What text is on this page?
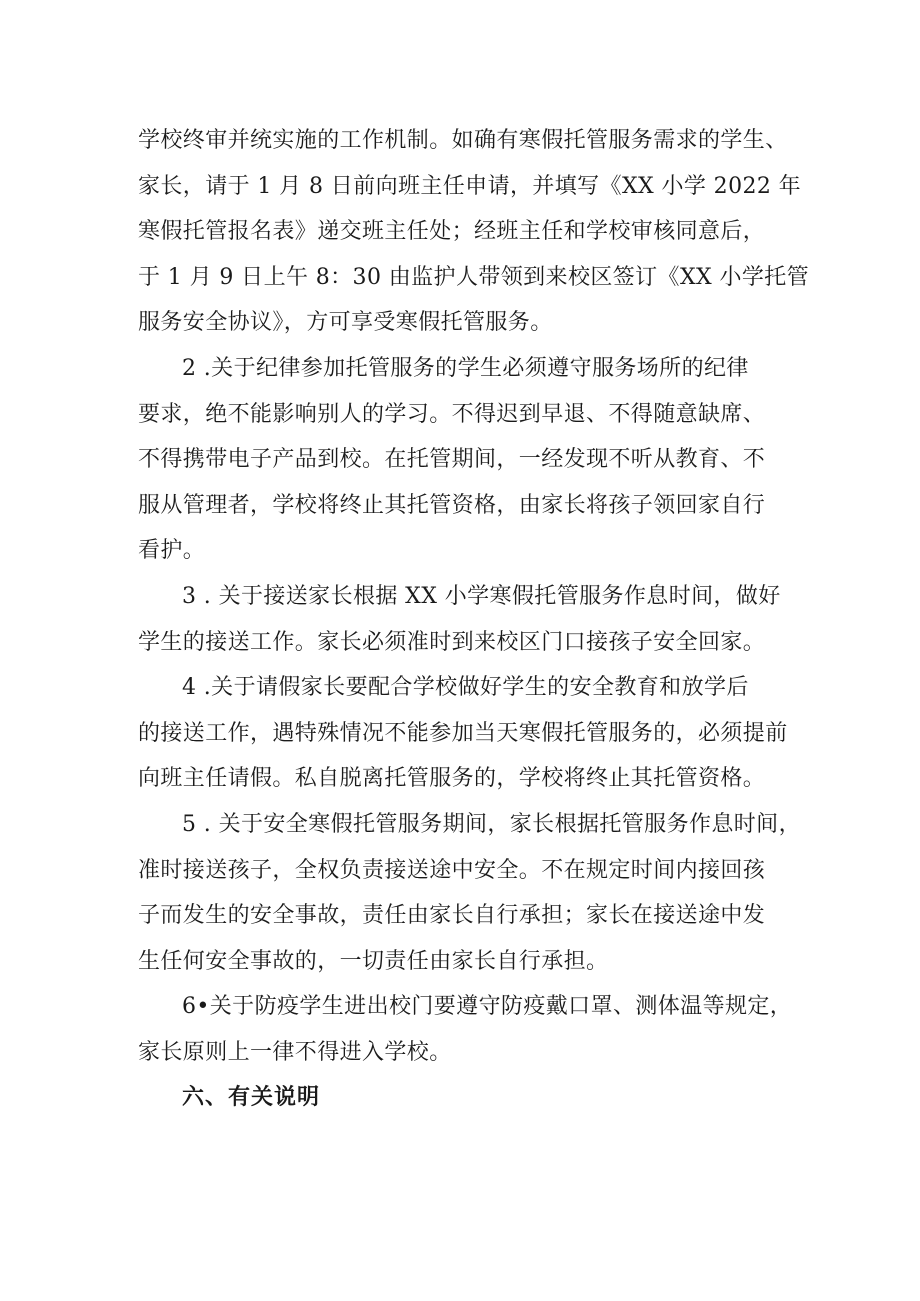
学校终审并统实施的工作机制。如确有寒假托管服务需求的学生、
家长，请于 1 月 8 日前向班主任申请，并填写《XX 小学 2022 年
寒假托管报名表》递交班主任处；经班主任和学校审核同意后，
于 1 月 9 日上午 8：30 由监护人带领到来校区签订《XX 小学托管
服务安全协议》，方可享受寒假托管服务。
2 .关于纪律参加托管服务的学生必须遵守服务场所的纪律
要求，绝不能影响别人的学习。不得迟到早退、不得随意缺席、
不得携带电子产品到校。在托管期间，一经发现不听从教育、不
服从管理者，学校将终止其托管资格，由家长将孩子领回家自行
看护。
3 . 关于接送家长根据 XX 小学寒假托管服务作息时间，做好
学生的接送工作。家长必须准时到来校区门口接孩子安全回家。
4 .关于请假家长要配合学校做好学生的安全教育和放学后
的接送工作，遇特殊情况不能参加当天寒假托管服务的，必须提前
向班主任请假。私自脱离托管服务的，学校将终止其托管资格。
5 . 关于安全寒假托管服务期间，家长根据托管服务作息时间，
准时接送孩子，全权负责接送途中安全。不在规定时间内接回孩
子而发生的安全事故，责任由家长自行承担；家长在接送途中发
生任何安全事故的，一切责任由家长自行承担。
6•关于防疫学生进出校门要遵守防疫戴口罩、测体温等规定，
家长原则上一律不得进入学校。
六、有关说明
